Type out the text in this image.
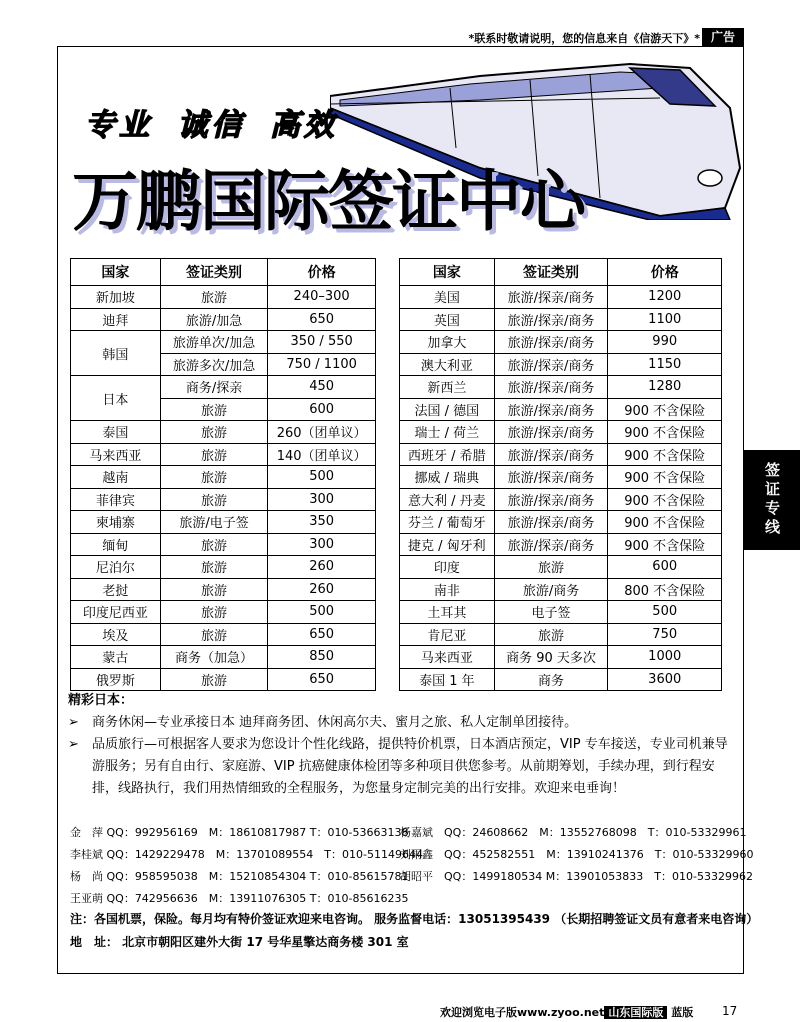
*联系时敬请说明，您的信息来自《信游天下》* 广告
签证专线
专业 诚信 高效
万鹏国际签证中心
国家	签证类别	价格		国家	签证类别	价格
新加坡	旅游	240–300		美国	旅游/探亲/商务	1200
迪拜	旅游/加急	650		英国	旅游/探亲/商务	1100
韩国	旅游单次/加急	350 / 550		加拿大	旅游/探亲/商务	990
	旅游多次/加急	750 / 1100		澳大利亚	旅游/探亲/商务	1150
日本	商务/探亲	450		新西兰	旅游/探亲/商务	1280
	旅游	600		法国 / 德国	旅游/探亲/商务	900 不含保险
泰国	旅游	260（团单议）		瑞士 / 荷兰	旅游/探亲/商务	900 不含保险
马来西亚	旅游	140（团单议）		西班牙 / 希腊	旅游/探亲/商务	900 不含保险
越南	旅游	500		挪威 / 瑞典	旅游/探亲/商务	900 不含保险
菲律宾	旅游	300		意大利 / 丹麦	旅游/探亲/商务	900 不含保险
柬埔寨	旅游/电子签	350		芬兰 / 葡萄牙	旅游/探亲/商务	900 不含保险
缅甸	旅游	300		捷克 / 匈牙利	旅游/探亲/商务	900 不含保险
尼泊尔	旅游	260		印度	旅游	600
老挝	旅游	260		南非	旅游/商务	800 不含保险
印度尼西亚	旅游	500		土耳其	电子签	500
埃及	旅游	650		肯尼亚	旅游	750
蒙古	商务（加急）	850		马来西亚	商务 90 天多次	1000
俄罗斯	旅游	650		泰国 1 年	商务	3600
精彩日本：
➢	商务休闲—专业承接日本 迪拜商务团、休闲高尔夫、蜜月之旅、私人定制单团接待。
➢	品质旅行—可根据客人要求为您设计个性化线路，提供特价机票，日本酒店预定，VIP 专车接送，专业司机兼导游服务；另有自由行、家庭游、VIP 抗癌健康体检团等多种项目供您参考。从前期筹划，手续办理，到行程安排，线路执行，我们用热情细致的全程服务，为您量身定制完美的出行安排。欢迎来电垂询！
金　萍 QQ：992956169　M：18610817987 T：010-53663138
杨嘉斌　QQ：24608662　M：13552768098　T：010-53329961
李桂斌 QQ：1429229478　M：13701089554　T：010-51149644
刘雨鑫　QQ：452582551　M：13910241376　T：010-53329960
杨　尚 QQ：958595038　M：15210854304 T：010-85615781
胡昭平　QQ：1499180534 M：13901053833　T：010-53329962
王亚萌 QQ：742956636　M：13911076305 T：010-85616235
注：各国机票，保险。每月均有特价签证欢迎来电咨询。 服务监督电话：13051395439 （长期招聘签证文员有意者来电咨询）
地　址： 北京市朝阳区建外大街 17 号华星擎达商务楼 301 室
欢迎浏览电子版www.zyoo.net 山东国际版 蓝版 17
